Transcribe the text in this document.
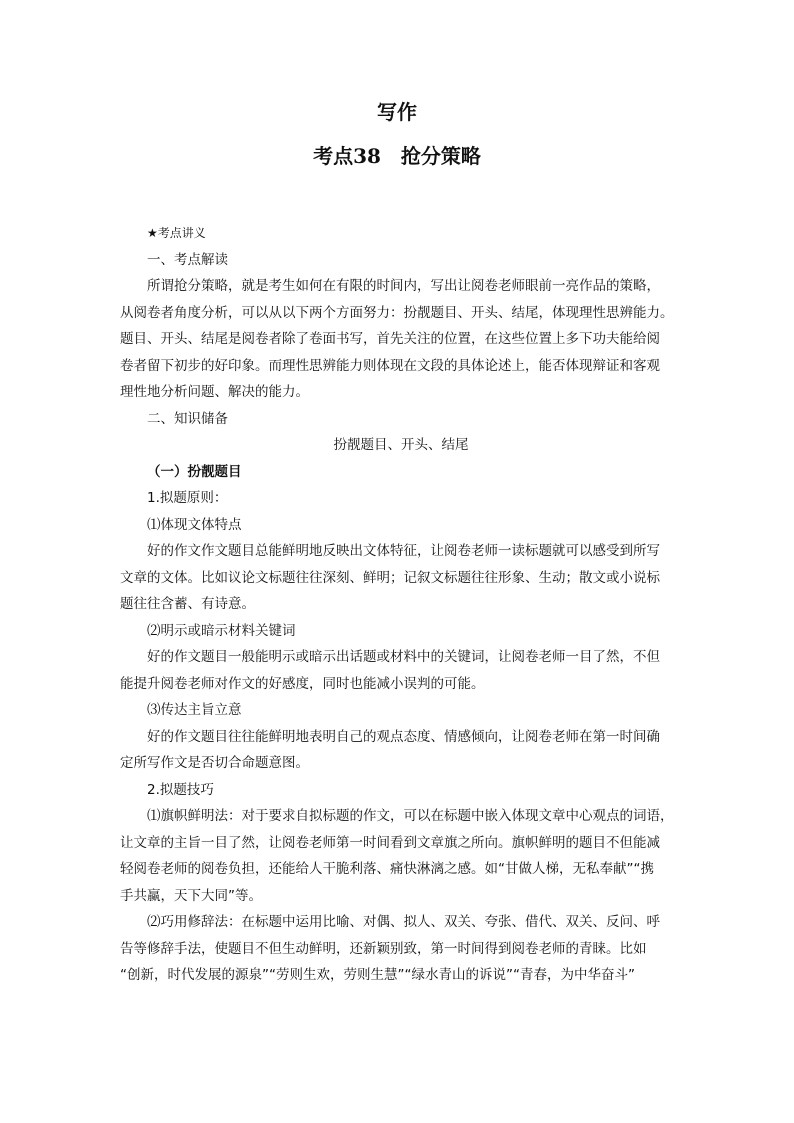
写作
考点38　抢分策略
★考点讲义
一、考点解读
所谓抢分策略，就是考生如何在有限的时间内，写出让阅卷老师眼前一亮作品的策略，
从阅卷者角度分析，可以从以下两个方面努力：扮靓题目、开头、结尾，体现理性思辨能力。
题目、开头、结尾是阅卷者除了卷面书写，首先关注的位置，在这些位置上多下功夫能给阅
卷者留下初步的好印象。而理性思辨能力则体现在文段的具体论述上，能否体现辩证和客观
理性地分析问题、解决的能力。
二、知识储备
扮靓题目、开头、结尾
（一）扮靓题目
1.拟题原则：
⑴体现文体特点
好的作文作文题目总能鲜明地反映出文体特征，让阅卷老师一读标题就可以感受到所写
文章的文体。比如议论文标题往往深刻、鲜明；记叙文标题往往形象、生动；散文或小说标
题往往含蓄、有诗意。
⑵明示或暗示材料关键词
好的作文题目一般能明示或暗示出话题或材料中的关键词，让阅卷老师一目了然，不但
能提升阅卷老师对作文的好感度，同时也能减小误判的可能。
⑶传达主旨立意
好的作文题目往往能鲜明地表明自己的观点态度、情感倾向，让阅卷老师在第一时间确
定所写作文是否切合命题意图。
2.拟题技巧
⑴旗帜鲜明法：对于要求自拟标题的作文，可以在标题中嵌入体现文章中心观点的词语，
让文章的主旨一目了然，让阅卷老师第一时间看到文章旗之所向。旗帜鲜明的题目不但能减
轻阅卷老师的阅卷负担，还能给人干脆利落、痛快淋漓之感。如“甘做人梯，无私奉献”“携
手共赢，天下大同”等。
⑵巧用修辞法：在标题中运用比喻、对偶、拟人、双关、夸张、借代、双关、反问、呼
告等修辞手法，使题目不但生动鲜明，还新颖别致，第一时间得到阅卷老师的青睐。比如
“创新，时代发展的源泉”“劳则生欢，劳则生慧”“绿水青山的诉说”“青春，为中华奋斗”
